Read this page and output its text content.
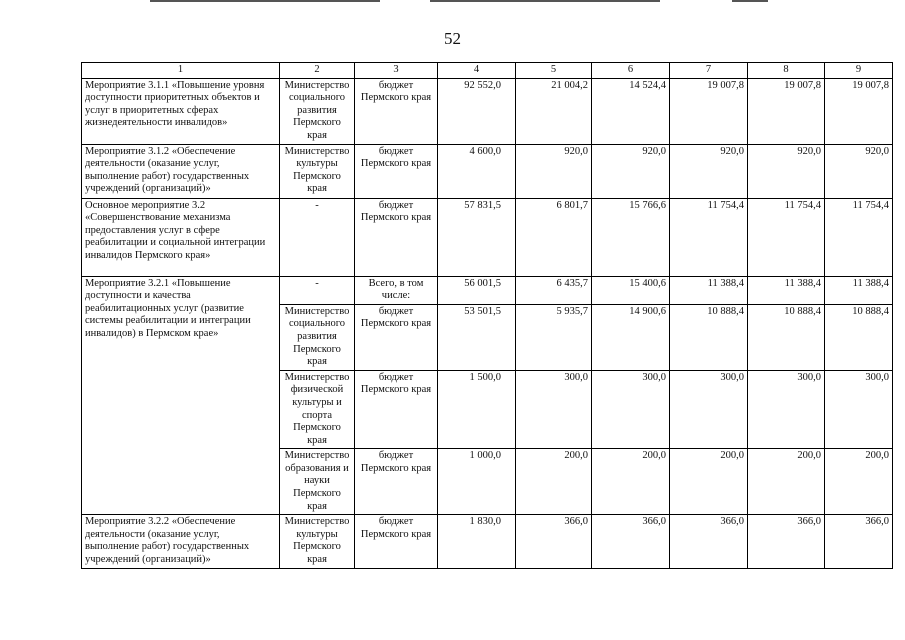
52
1	2	3	4	5	6	7	8	9
Мероприятие 3.1.1 «Повышение уровня доступности приоритетных объектов и услуг в приоритетных сферах жизнедеятельности инвалидов»	Министерство социального развития Пермского края	бюджет Пермского края	92 552,0	21 004,2	14 524,4	19 007,8	19 007,8	19 007,8
Мероприятие 3.1.2 «Обеспечение деятельности (оказание услуг, выполнение работ) государственных учреждений (организаций)»	Министерство культуры Пермского края	бюджет Пермского края	4 600,0	920,0	920,0	920,0	920,0	920,0
Основное мероприятие 3.2 «Совершенствование механизма предоставления услуг в сфере реабилитации и социальной интеграции инвалидов Пермского края»	-	бюджет Пермского края	57 831,5	6 801,7	15 766,6	11 754,4	11 754,4	11 754,4
Мероприятие 3.2.1 «Повышение доступности и качества реабилитационных услуг (развитие системы реабилитации и интеграции инвалидов) в Пермском крае»	-	Всего, в том числе:	56 001,5	6 435,7	15 400,6	11 388,4	11 388,4	11 388,4
	Министерство социального развития Пермского края	бюджет Пермского края	53 501,5	5 935,7	14 900,6	10 888,4	10 888,4	10 888,4
	Министерство физической культуры и спорта Пермского края	бюджет Пермского края	1 500,0	300,0	300,0	300,0	300,0	300,0
	Министерство образования и науки Пермского края	бюджет Пермского края	1 000,0	200,0	200,0	200,0	200,0	200,0
Мероприятие 3.2.2 «Обеспечение деятельности (оказание услуг, выполнение работ) государственных учреждений (организаций)»	Министерство культуры Пермского края	бюджет Пермского края	1 830,0	366,0	366,0	366,0	366,0	366,0
